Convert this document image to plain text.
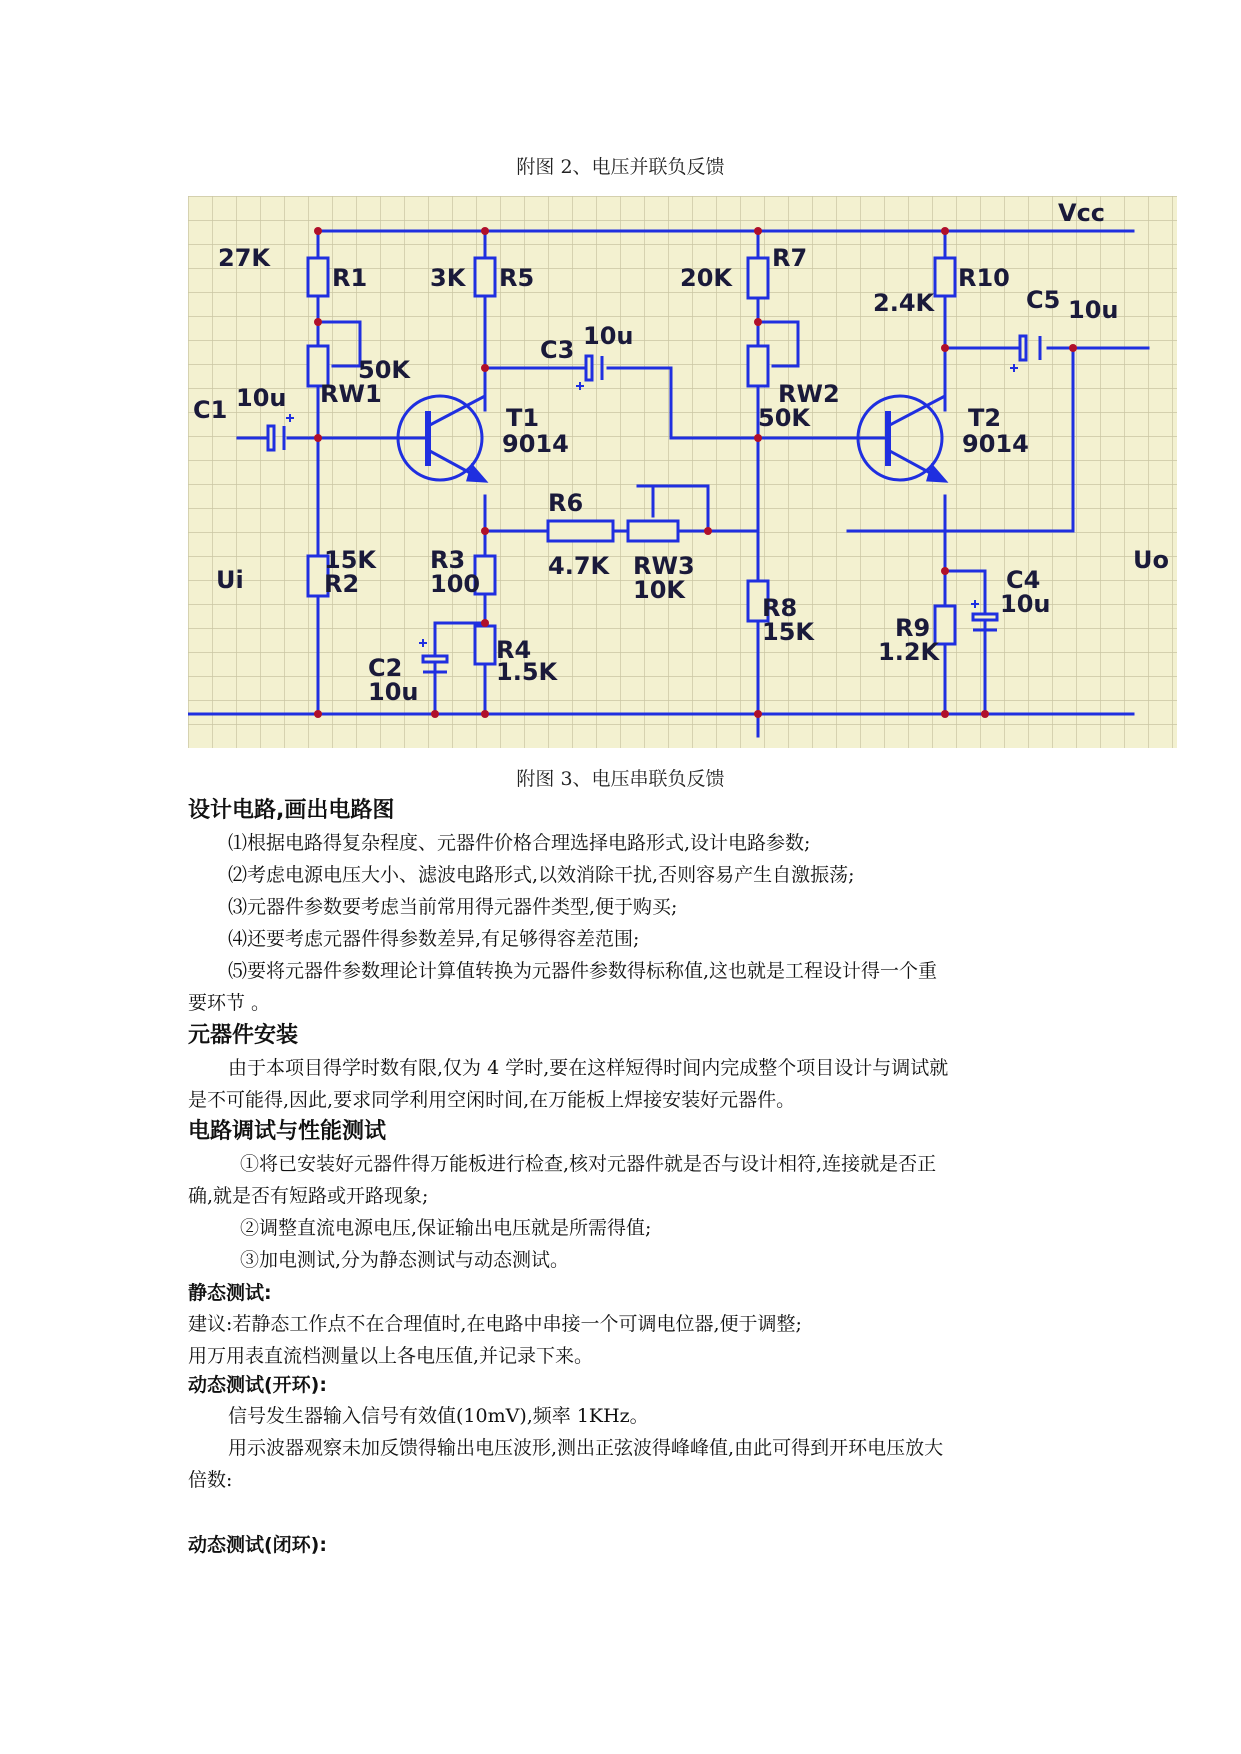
附图 2、电压并联负反馈
Vcc
27K
R1	3K R5	20K
R7
R10
2.4K	C5 10u
C3 10u
50K
RW1	RW2
50K
C1 10u
T1
9014
T2
9014
R6
4.7K RW3
10K
15K
R2
R3
100
Ui
Uo
C4
10u
R8
15K	R9
1.2K
C2
10u
R4
1.5K
附图 3、电压串联负反馈

设计电路,画出电路图

⑴根据电路得复杂程度、元器件价格合理选择电路形式,设计电路参数;

⑵考虑电源电压大小、滤波电路形式,以效消除干扰,否则容易产生自激振荡;

⑶元器件参数要考虑当前常用得元器件类型,便于购买;

⑷还要考虑元器件得参数差异,有足够得容差范围;

⑸要将元器件参数理论计算值转换为元器件参数得标称值,这也就是工程设计得一个重

要环节 。

元器件安装

由于本项目得学时数有限,仅为 4 学时,要在这样短得时间内完成整个项目设计与调试就

是不可能得,因此,要求同学利用空闲时间,在万能板上焊接安装好元器件。

电路调试与性能测试

①将已安装好元器件得万能板进行检查,核对元器件就是否与设计相符,连接就是否正

确,就是否有短路或开路现象;

②调整直流电源电压,保证输出电压就是所需得值;

③加电测试,分为静态测试与动态测试。

静态测试:

建议:若静态工作点不在合理值时,在电路中串接一个可调电位器,便于调整;

用万用表直流档测量以上各电压值,并记录下来。

动态测试(开环):

信号发生器输入信号有效值(10mV),频率 1KHz。

用示波器观察未加反馈得输出电压波形,测出正弦波得峰峰值,由此可得到开环电压放大

倍数:

动态测试(闭环):
